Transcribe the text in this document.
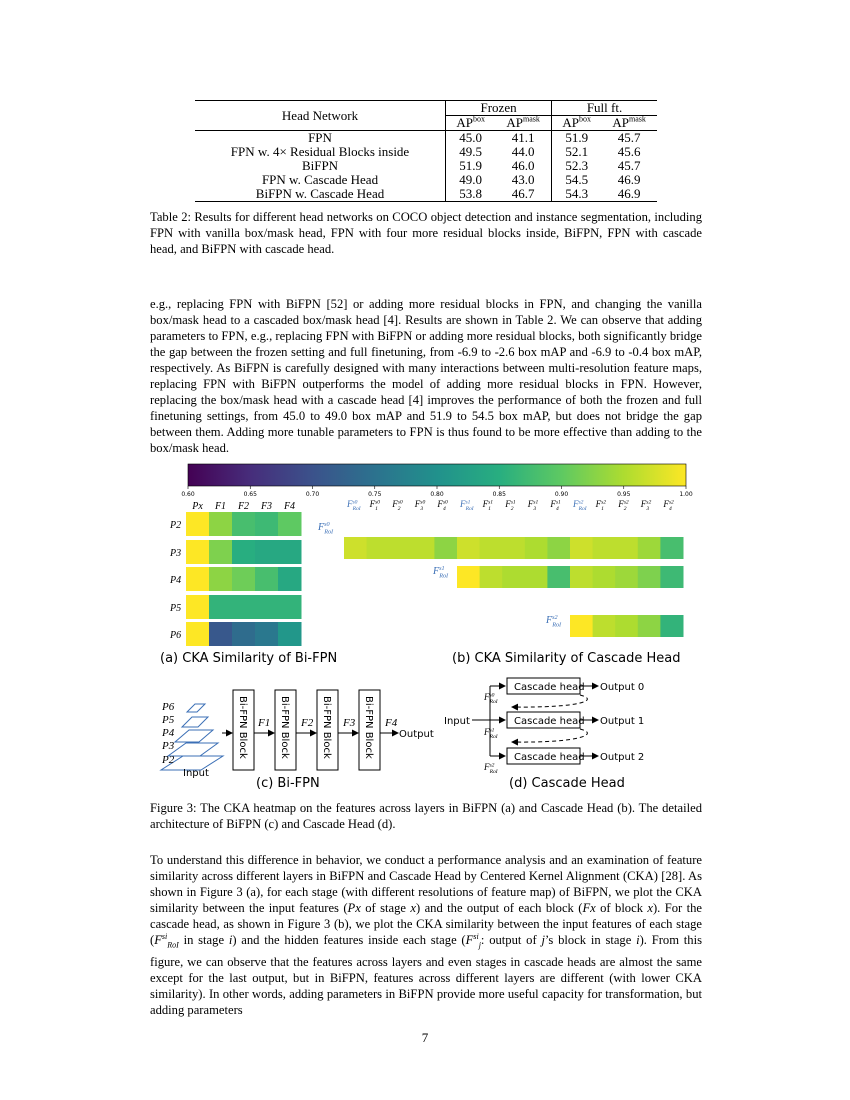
Head Network	Frozen		Full ft.	
	$AP^{box}$	$AP^{mask}$	$AP^{box}$	$AP^{mask}$
FPN	45.0	41.1	51.9	45.7
FPN w. 4× Residual Blocks inside	49.5	44.0	52.1	45.6
BiFPN	51.9	46.0	52.3	45.7
FPN w. Cascade Head	49.0	43.0	54.5	46.9
BiFPN w. Cascade Head	53.8	46.7	54.3	46.9
Table 2: Results for different head networks on COCO object detection and instance segmentation, including FPN with vanilla box/mask head, FPN with four more residual blocks inside, BiFPN, FPN with cascade head, and BiFPN with cascade head.
e.g., replacing FPN with BiFPN [52] or adding more residual blocks in FPN, and changing the vanilla box/mask head to a cascaded box/mask head [4]. Results are shown in Table 2. We can observe that adding parameters to FPN, e.g., replacing FPN with BiFPN or adding more residual blocks, both significantly bridge the gap between the frozen setting and full finetuning, from -6.9 to -2.6 box mAP and -6.9 to -0.4 box mAP, respectively. As BiFPN is carefully designed with many interactions between multi-resolution feature maps, replacing FPN with BiFPN outperforms the model of adding more residual blocks in FPN. However, replacing the box/mask head with a cascade head [4] improves the performance of both the frozen and full finetuning settings, from 45.0 to 49.0 box mAP and 51.9 to 54.5 box mAP, but does not bridge the gap between them. Adding more tunable parameters to FPN is thus found to be more effective than adding to the box/mask head.
0.60	0.65	0.70	0.75	0.80	0.85	0.90	0.95	1.00
Px F1 F2 F3 F4
P2
P3
P4
P5
P6
$F^{s0}$ RoI
$F^{s0}$ 1
$F^{s0}$ 2
$F^{s0}$ 3
$F^{s0}$ 4
$F^{s1}$ RoI
$F^{s1}$ 1
$F^{s1}$ 2
$F^{s1}$ 3
$F^{s1}$ 4
$F^{s2}$ RoI
$F^{s2}$ 1
$F^{s2}$ 2
$F^{s2}$ 3
$F^{s2}$ 4
$F^{s0}$ RoI
$F^{s1}$ RoI
$F^{s2}$ RoI
(a) CKA Similarity of Bi-FPN	(b) CKA Similarity of Cascade Head
P6
P5
P4
P3
P2
Input
Bi-FPN Block F1 Bi-FPN Block F2 Bi-FPN Block F3 Bi-FPN Block F4
Output
(c) Bi-FPN
Input
Cascade head Output 0
Cascade head Output 1
Cascade head Output 2
$F^{s0}$ RoI
$F^{s1}$ RoI
$F^{s2}$ RoI
(d) Cascade Head
Figure 3: The CKA heatmap on the features across layers in BiFPN (a) and Cascade Head (b). The detailed architecture of BiFPN (c) and Cascade Head (d).
To understand this difference in behavior, we conduct a performance analysis and an examination of feature similarity across different layers in BiFPN and Cascade Head by Centered Kernel Alignment (CKA) [28]. As shown in Figure 3 (a), for each stage (with different resolutions of feature map) of BiFPN, we plot the CKA similarity between the input features (Px of stage x) and the output of each block (Fx of block x). For the cascade head, as shown in Figure 3 (b), we plot the CKA similarity between the input features of each stage ($F^{si}_{RoI}$ in stage i) and the hidden features inside each stage ($F^{si}_j$: output of j’s block in stage i). From this figure, we can observe that the features across layers and even stages in cascade heads are almost the same except for the last output, but in BiFPN, features across different layers are different (with lower CKA similarity). In other words, adding parameters in BiFPN provide more useful capacity for transformation, but adding parameters
7
